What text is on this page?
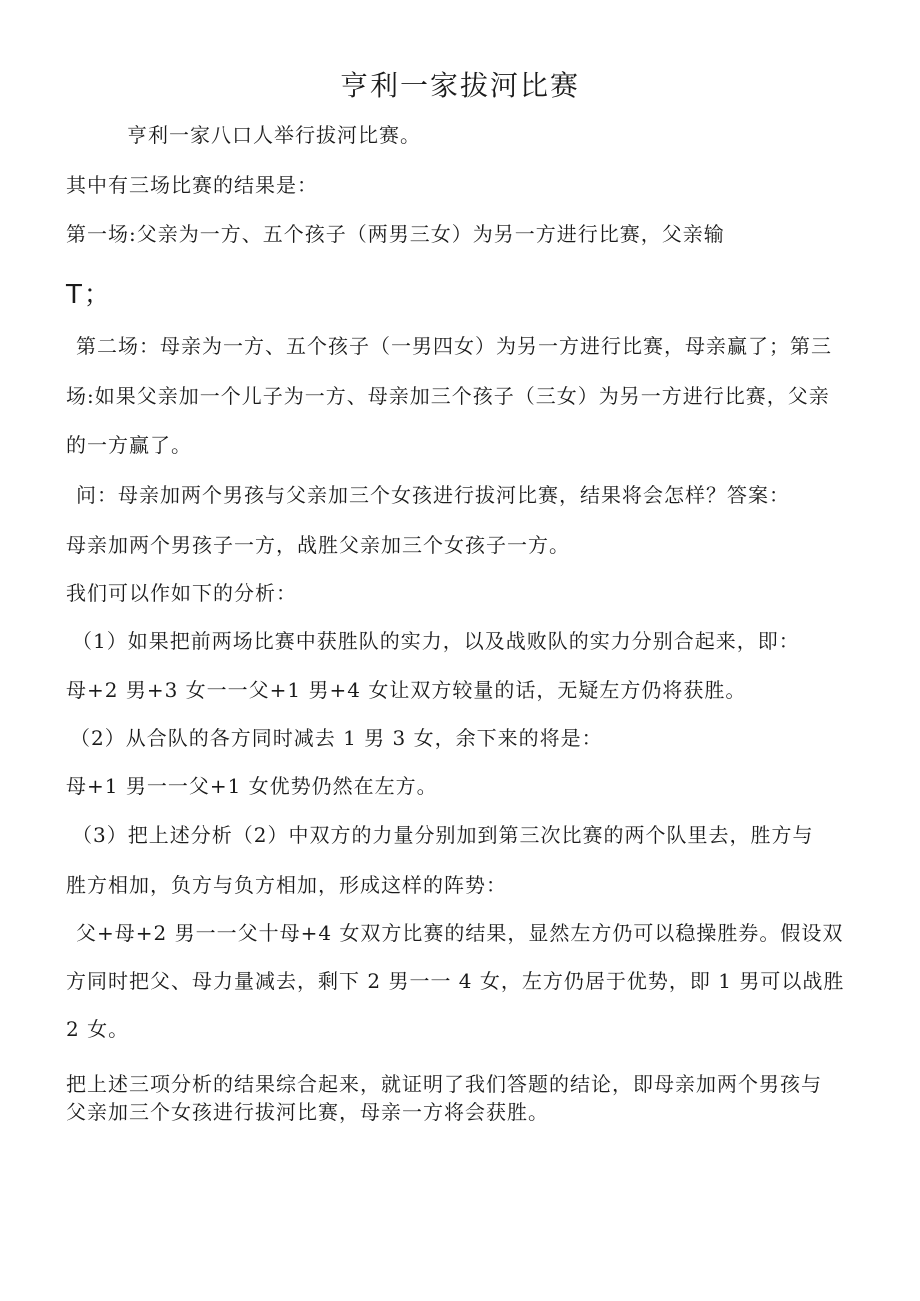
亨利一家拔河比赛

亨利一家八口人举行拔河比赛。

其中有三场比赛的结果是：

第一场:父亲为一方、五个孩子（两男三女）为另一方进行比赛，父亲输

T；

第二场：母亲为一方、五个孩子（一男四女）为另一方进行比赛，母亲赢了；第三

场:如果父亲加一个儿子为一方、母亲加三个孩子（三女）为另一方进行比赛，父亲

的一方赢了。

问：母亲加两个男孩与父亲加三个女孩进行拔河比赛，结果将会怎样？答案：

母亲加两个男孩子一方，战胜父亲加三个女孩子一方。

我们可以作如下的分析：

（1）如果把前两场比赛中获胜队的实力，以及战败队的实力分别合起来，即：

母+2 男+3 女一一父+1 男+4 女让双方较量的话，无疑左方仍将获胜。

（2）从合队的各方同时减去 1 男 3 女，余下来的将是：

母+1 男一一父+1 女优势仍然在左方。

（3）把上述分析（2）中双方的力量分别加到第三次比赛的两个队里去，胜方与

胜方相加，负方与负方相加，形成这样的阵势：

父+母+2 男一一父十母+4 女双方比赛的结果，显然左方仍可以稳操胜券。假设双

方同时把父、母力量减去，剩下 2 男一一 4 女，左方仍居于优势，即 1 男可以战胜

2 女。

把上述三项分析的结果综合起来，就证明了我们答题的结论，即母亲加两个男孩与

父亲加三个女孩进行拔河比赛，母亲一方将会获胜。
